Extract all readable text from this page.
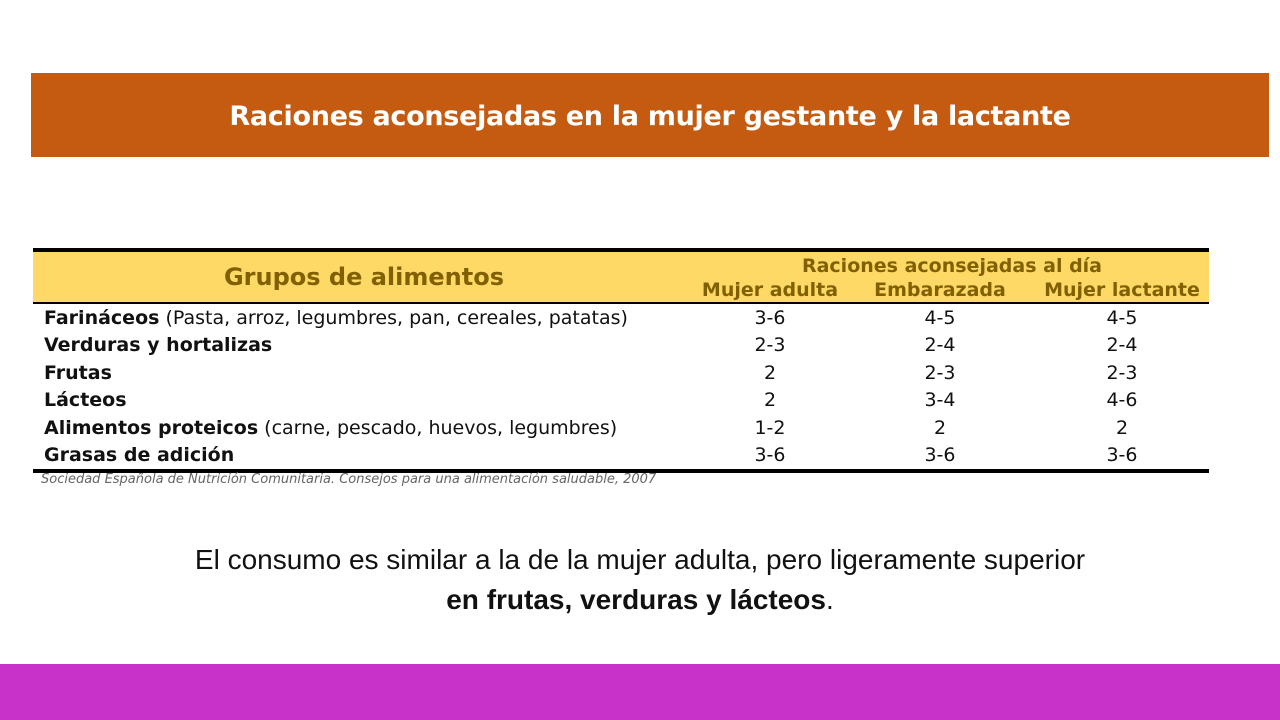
Raciones aconsejadas en la mujer gestante y la lactante
Grupos de alimentos	Raciones aconsejadas al día		
	Mujer adulta	Embarazada	Mujer lactante
Farináceos (Pasta, arroz, legumbres, pan, cereales, patatas)	3-6	4-5	4-5
Verduras y hortalizas	2-3	2-4	2-4
Frutas	2	2-3	2-3
Lácteos	2	3-4	4-6
Alimentos proteicos (carne, pescado, huevos, legumbres)	1-2	2	2
Grasas de adición	3-6	3-6	3-6
Sociedad Española de Nutrición Comunitaria. Consejos para una alimentación saludable, 2007
El consumo es similar a la de la mujer adulta, pero ligeramente superior
en frutas, verduras y lácteos.
